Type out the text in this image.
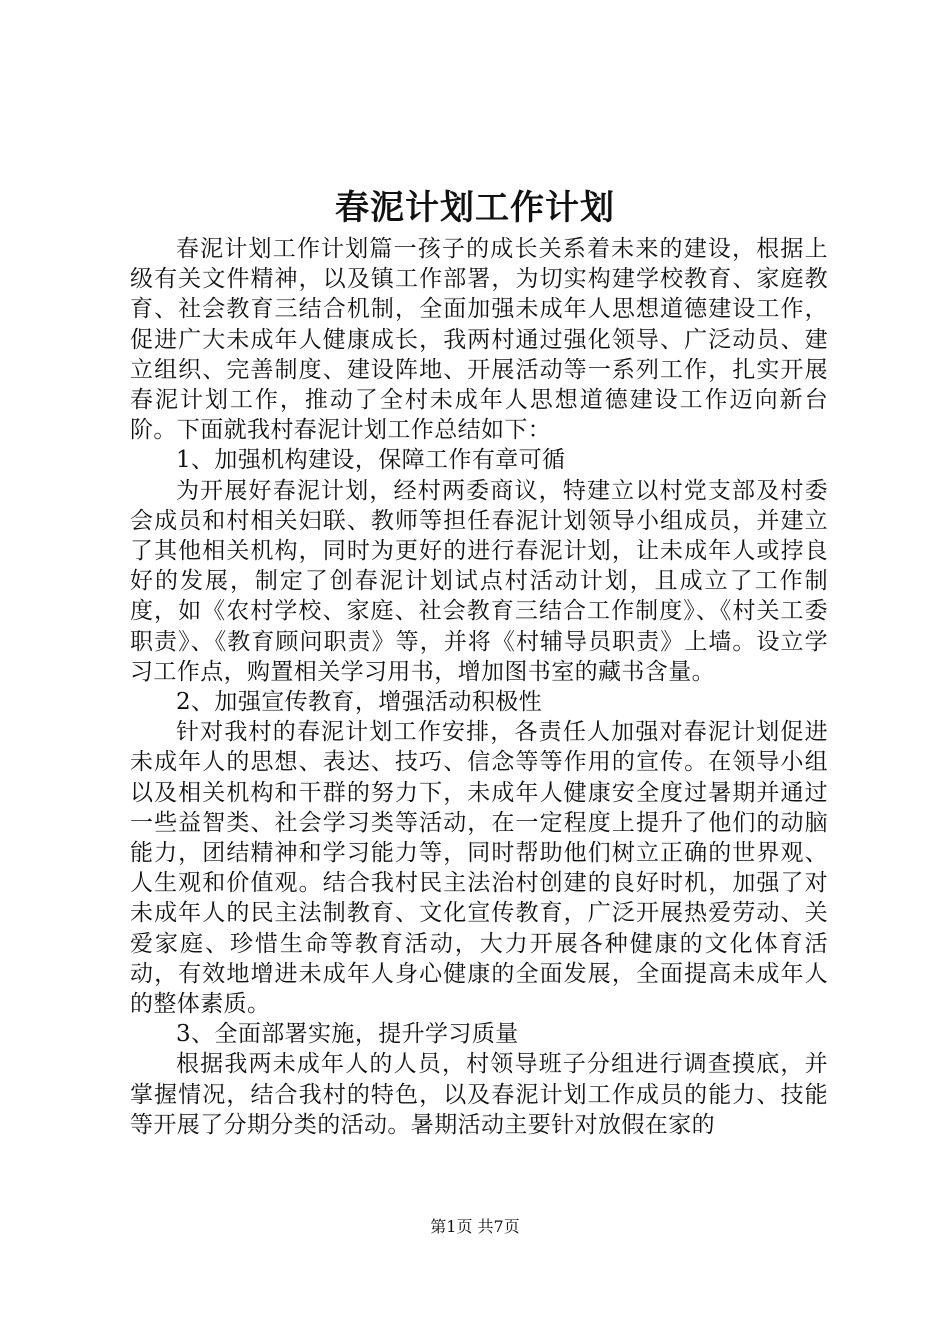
春泥计划工作计划

春泥计划工作计划篇一孩子的成长关系着未来的建设，根据上级有关文件精神，以及镇工作部署，为切实构建学校教育、家庭教育、社会教育三结合机制，全面加强未成年人思想道德建设工作，促进广大未成年人健康成长，我两村通过强化领导、广泛动员、建立组织、完善制度、建设阵地、开展活动等一系列工作，扎实开展春泥计划工作，推动了全村未成年人思想道德建设工作迈向新台阶。下面就我村春泥计划工作总结如下：

1、加强机构建设，保障工作有章可循

为开展好春泥计划，经村两委商议，特建立以村党支部及村委会成员和村相关妇联、教师等担任春泥计划领导小组成员，并建立了其他相关机构，同时为更好的进行春泥计划，让未成年人或挬良好的发展，制定了创春泥计划试点村活动计划，且成立了工作制度，如《农村学校、家庭、社会教育三结合工作制度》、《村关工委职责》、《教育顾问职责》等，并将《村辅导员职责》上墙。设立学习工作点，购置相关学习用书，增加图书室的藏书含量。

2、加强宣传教育，增强活动积极性

针对我村的春泥计划工作安排，各责任人加强对春泥计划促进未成年人的思想、表达、技巧、信念等等作用的宣传。在领导小组以及相关机构和干群的努力下，未成年人健康安全度过暑期并通过一些益智类、社会学习类等活动，在一定程度上提升了他们的动脑能力，团结精神和学习能力等，同时帮助他们树立正确的世界观、人生观和价值观。结合我村民主法治村创建的良好时机，加强了对未成年人的民主法制教育、文化宣传教育，广泛开展热爱劳动、关爱家庭、珍惜生命等教育活动，大力开展各种健康的文化体育活动，有效地增进未成年人身心健康的全面发展，全面提高未成年人的整体素质。

3、全面部署实施，提升学习质量

根据我两未成年人的人员，村领导班子分组进行调查摸底，并掌握情况，结合我村的特色，以及春泥计划工作成员的能力、技能等开展了分期分类的活动。暑期活动主要针对放假在家的

第1页 共7页
